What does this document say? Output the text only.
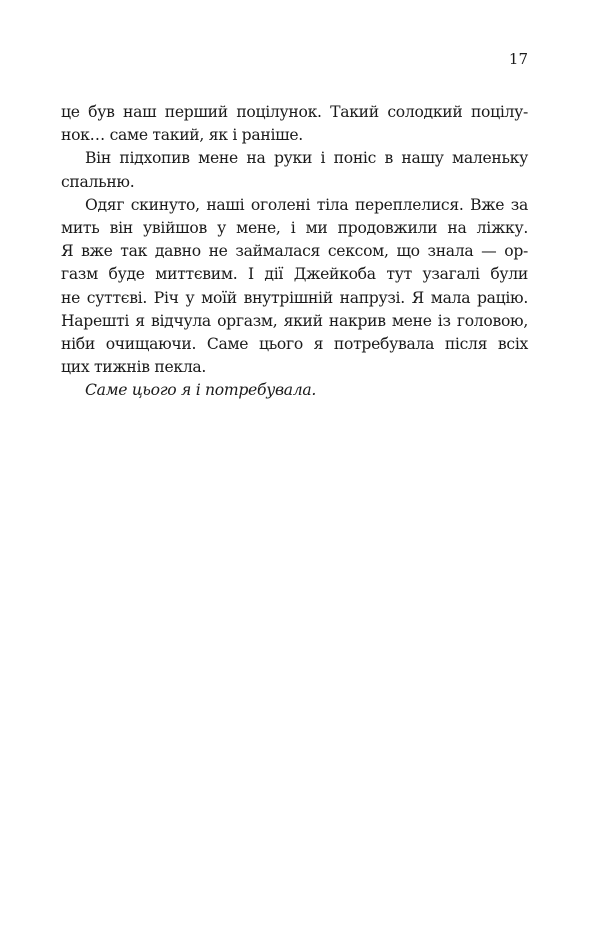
17
це був наш перший поцілунок. Такий солодкий поцілу-
нок… саме такий, як і раніше.
Він підхопив мене на руки і поніс в нашу маленьку
спальню.
Одяг скинуто, наші оголені тіла переплелися. Вже за
мить він увійшов у мене, і ми продовжили на ліжку.
Я вже так давно не займалася сексом, що знала — ор-
газм буде миттєвим. І дії Джейкоба тут узагалі були
не суттєві. Річ у моїй внутрішній напрузі. Я мала рацію.
Нарешті я відчула оргазм, який накрив мене із головою,
ніби очищаючи. Саме цього я потребувала після всіх
цих тижнів пекла.
Саме цього я і потребувала.
